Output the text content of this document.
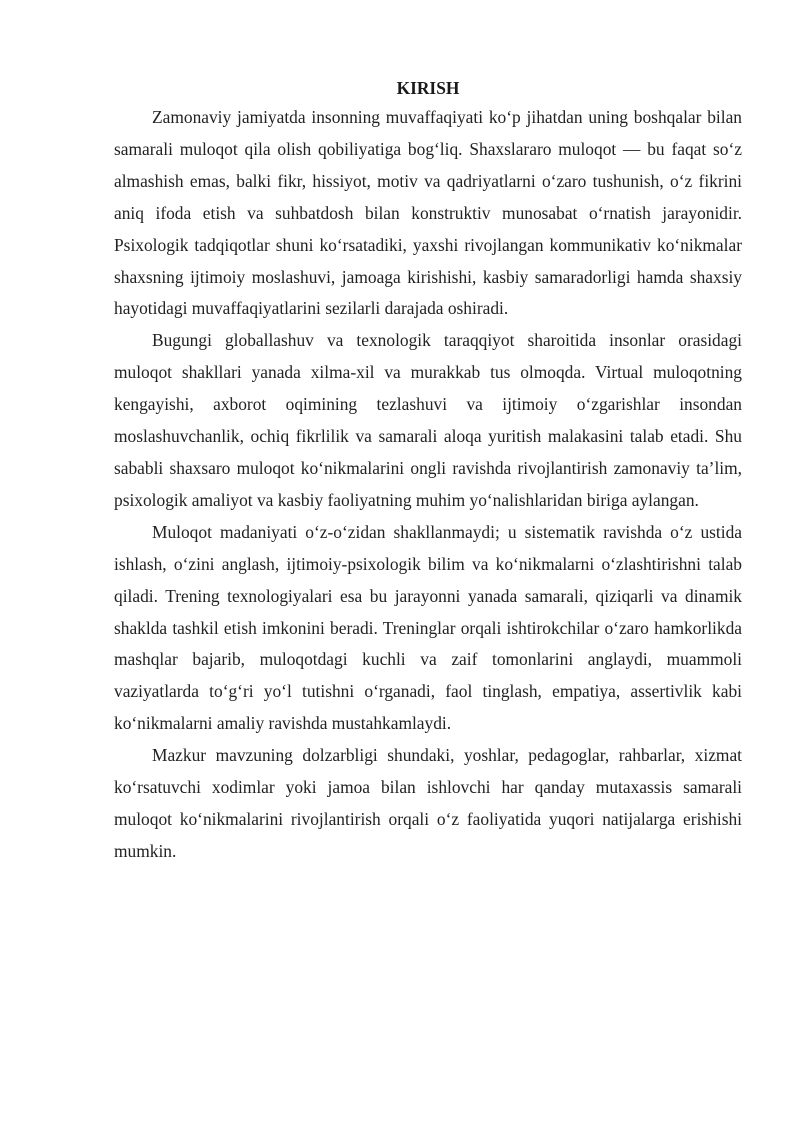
KIRISH

Zamonaviy jamiyatda insonning muvaffaqiyati ko‘p jihatdan uning boshqalar bilan samarali muloqot qila olish qobiliyatiga bog‘liq. Shaxslararo muloqot — bu faqat so‘z almashish emas, balki fikr, hissiyot, motiv va qadriyatlarni o‘zaro tushunish, o‘z fikrini aniq ifoda etish va suhbatdosh bilan konstruktiv munosabat o‘rnatish jarayonidir. Psixologik tadqiqotlar shuni ko‘rsatadiki, yaxshi rivojlangan kommunikativ ko‘nikmalar shaxsning ijtimoiy moslashuvi, jamoaga kirishishi, kasbiy samaradorligi hamda shaxsiy hayotidagi muvaffaqiyatlarini sezilarli darajada oshiradi.

Bugungi globallashuv va texnologik taraqqiyot sharoitida insonlar orasidagi muloqot shakllari yanada xilma-xil va murakkab tus olmoqda. Virtual muloqotning kengayishi, axborot oqimining tezlashuvi va ijtimoiy o‘zgarishlar insondan moslashuvchanlik, ochiq fikrlilik va samarali aloqa yuritish malakasini talab etadi. Shu sababli shaxsaro muloqot ko‘nikmalarini ongli ravishda rivojlantirish zamonaviy ta’lim, psixologik amaliyot va kasbiy faoliyatning muhim yo‘nalishlaridan biriga aylangan.

Muloqot madaniyati o‘z-o‘zidan shakllanmaydi; u sistematik ravishda o‘z ustida ishlash, o‘zini anglash, ijtimoiy-psixologik bilim va ko‘nikmalarni o‘zlashtirishni talab qiladi. Trening texnologiyalari esa bu jarayonni yanada samarali, qiziqarli va dinamik shaklda tashkil etish imkonini beradi. Treninglar orqali ishtirokchilar o‘zaro hamkorlikda mashqlar bajarib, muloqotdagi kuchli va zaif tomonlarini anglaydi, muammoli vaziyatlarda to‘g‘ri yo‘l tutishni o‘rganadi, faol tinglash, empatiya, assertivlik kabi ko‘nikmalarni amaliy ravishda mustahkamlaydi.

Mazkur mavzuning dolzarbligi shundaki, yoshlar, pedagoglar, rahbarlar, xizmat ko‘rsatuvchi xodimlar yoki jamoa bilan ishlovchi har qanday mutaxassis samarali muloqot ko‘nikmalarini rivojlantirish orqali o‘z faoliyatida yuqori natijalarga erishishi mumkin.
